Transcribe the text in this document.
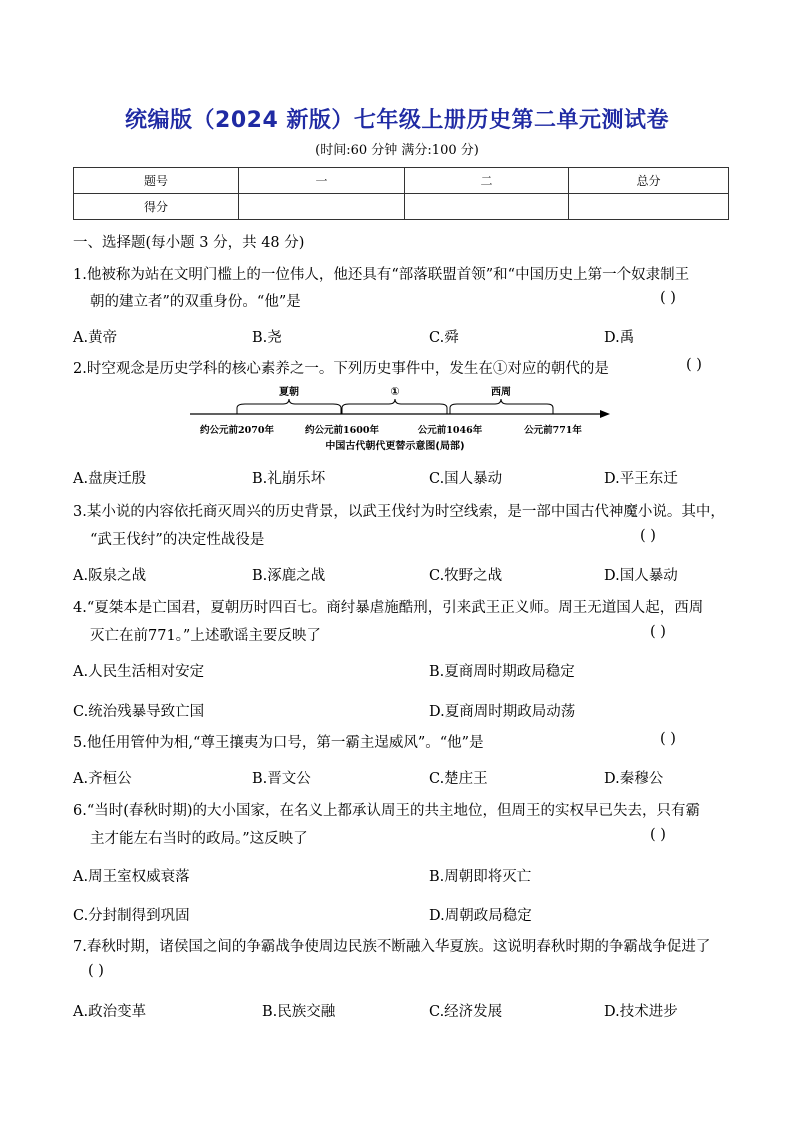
统编版（2024 新版）七年级上册历史第二单元测试卷
(时间:60 分钟 满分:100 分)
题号	一	二	总分
得分			
一、选择题(每小题 3 分，共 48 分)
1.他被称为站在文明门槛上的一位伟人，他还具有“部落联盟首领”和“中国历史上第一个奴隶制王
朝的建立者”的双重身份。“他”是	( )
A.黄帝	B.尧	C.舜	D.禹
2.时空观念是历史学科的核心素养之一。下列历史事件中，发生在①对应的朝代的是	( )
夏朝	①	西周
约公元前2070年	约公元前1600年	公元前1046年	公元前771年
中国古代朝代更替示意图(局部)
A.盘庚迁殷	B.礼崩乐坏	C.国人暴动	D.平王东迁
3.某小说的内容依托商灭周兴的历史背景，以武王伐纣为时空线索，是一部中国古代神魔小说。其中，
“武王伐纣”的决定性战役是	( )
A.阪泉之战	B.涿鹿之战	C.牧野之战	D.国人暴动
4.“夏桀本是亡国君，夏朝历时四百七。商纣暴虐施酷刑，引来武王正义师。周王无道国人起，西周
灭亡在前771。”上述歌谣主要反映了	( )
A.人民生活相对安定	B.夏商周时期政局稳定
C.统治残暴导致亡国	D.夏商周时期政局动荡
5.他任用管仲为相,“尊王攘夷为口号，第一霸主逞威风”。“他”是	( )
A.齐桓公	B.晋文公	C.楚庄王	D.秦穆公
6.“当时(春秋时期)的大小国家，在名义上都承认周王的共主地位，但周王的实权早已失去，只有霸
主才能左右当时的政局。”这反映了	( )
A.周王室权威衰落	B.周朝即将灭亡
C.分封制得到巩固	D.周朝政局稳定
7.春秋时期，诸侯国之间的争霸战争使周边民族不断融入华夏族。这说明春秋时期的争霸战争促进了
( )
A.政治变革	B.民族交融	C.经济发展	D.技术进步
